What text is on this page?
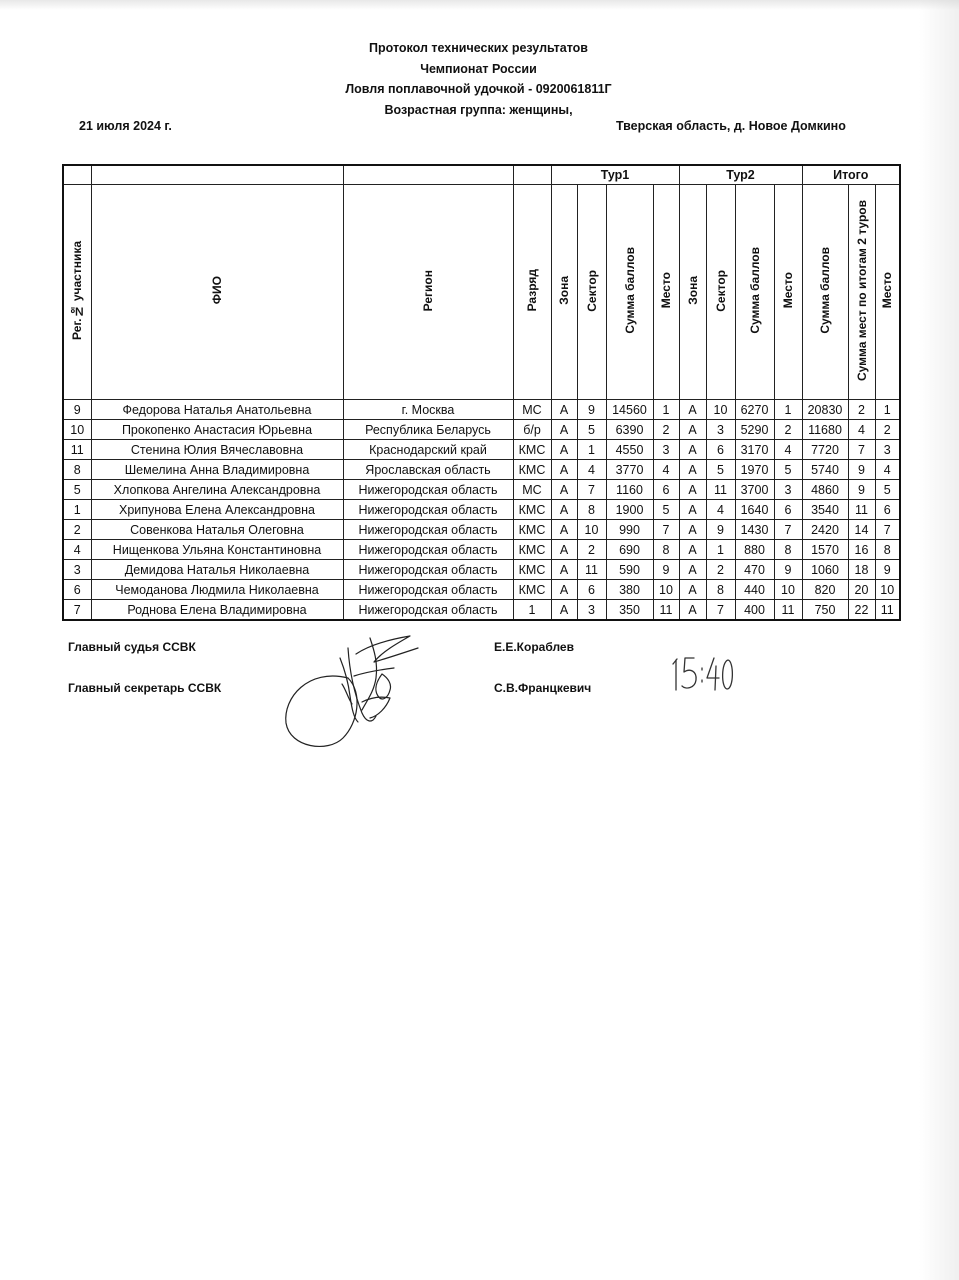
Протокол технических результатов
Чемпионат России
Ловля поплавочной удочкой - 0920061811Г
Возрастная группа: женщины,
21 июля 2024 г.	Тверская область, д. Новое Домкино
				Тур1				Тур2				Итого		
Рег.№ участника	ФИО	Регион	Разряд	Зона	Сектор	Сумма баллов	Место	Зона	Сектор	Сумма баллов	Место	Сумма баллов	Сумма мест по итогам 2 туров	Место
9	Федорова Наталья Анатольевна	г. Москва	МС	А	9	14560	1	А	10	6270	1	20830	2	1
10	Прокопенко Анастасия Юрьевна	Республика Беларусь	б/р	А	5	6390	2	А	3	5290	2	11680	4	2
11	Стенина Юлия Вячеславовна	Краснодарский край	КМС	А	1	4550	3	А	6	3170	4	7720	7	3
8	Шемелина Анна Владимировна	Ярославская область	КМС	А	4	3770	4	А	5	1970	5	5740	9	4
5	Хлопкова Ангелина Александровна	Нижегородская область	МС	А	7	1160	6	А	11	3700	3	4860	9	5
1	Хрипунова Елена Александровна	Нижегородская область	КМС	А	8	1900	5	А	4	1640	6	3540	11	6
2	Совенкова Наталья Олеговна	Нижегородская область	КМС	А	10	990	7	А	9	1430	7	2420	14	7
4	Нищенкова Ульяна Константиновна	Нижегородская область	КМС	А	2	690	8	А	1	880	8	1570	16	8
3	Демидова Наталья Николаевна	Нижегородская область	КМС	А	11	590	9	А	2	470	9	1060	18	9
6	Чемоданова Людмила Николаевна	Нижегородская область	КМС	А	6	380	10	А	8	440	10	820	20	10
7	Роднова Елена Владимировна	Нижегородская область	1	А	3	350	11	А	7	400	11	750	22	11
Главный судья ССВК	Е.Е.Кораблев
Главный секретарь ССВК	С.В.Францкевич
